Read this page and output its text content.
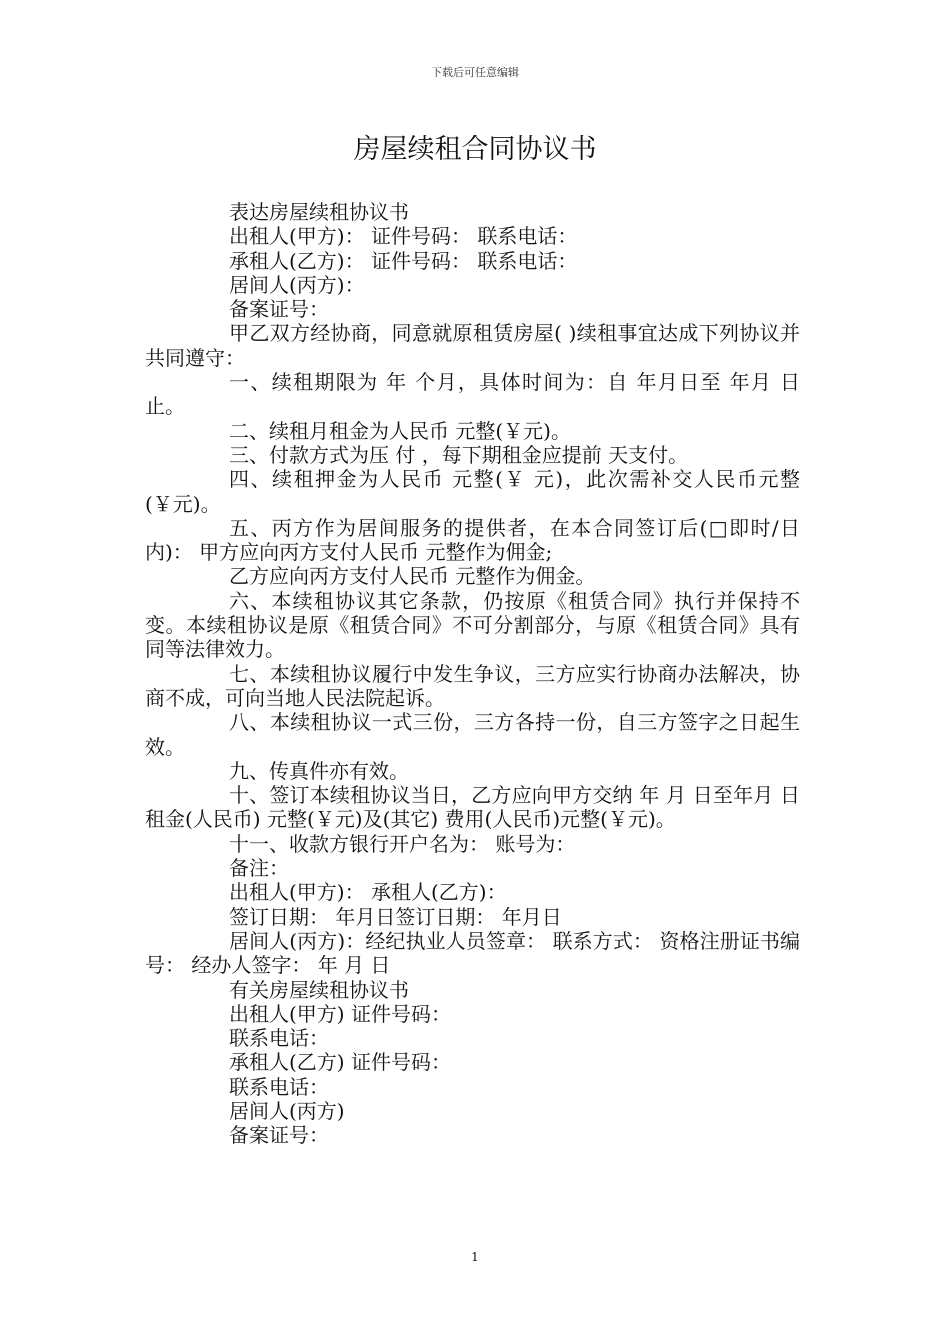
下载后可任意编辑
房屋续租合同协议书

表达房屋续租协议书

出租人(甲方)： 证件号码： 联系电话：

承租人(乙方)： 证件号码： 联系电话：

居间人(丙方)：

备案证号：

甲乙双方经协商，同意就原租赁房屋( )续租事宜达成下列协议并共同遵守：

一、续租期限为 年 个月，具体时间为：自 年月日至 年月 日止。

二、续租月租金为人民币 元整(￥元)。

三、付款方式为压 付 ，每下期租金应提前 天支付。

四、续租押金为人民币 元整(￥ 元)，此次需补交人民币元整(￥元)。

五、丙方作为居间服务的提供者，在本合同签订后(□即时/日内)： 甲方应向丙方支付人民币 元整作为佣金;

乙方应向丙方支付人民币 元整作为佣金。

六、本续租协议其它条款，仍按原《租赁合同》执行并保持不变。本续租协议是原《租赁合同》不可分割部分，与原《租赁合同》具有同等法律效力。

七、本续租协议履行中发生争议，三方应实行协商办法解决，协商不成，可向当地人民法院起诉。

八、本续租协议一式三份，三方各持一份，自三方签字之日起生效。

九、传真件亦有效。

十、签订本续租协议当日，乙方应向甲方交纳 年 月 日至年月 日租金(人民币) 元整(￥元)及(其它) 费用(人民币)元整(￥元)。

十一、收款方银行开户名为： 账号为：

备注：

出租人(甲方)： 承租人(乙方)：

签订日期： 年月日签订日期： 年月日

居间人(丙方)：经纪执业人员签章： 联系方式： 资格注册证书编号： 经办人签字： 年 月 日

有关房屋续租协议书

出租人(甲方) 证件号码：

联系电话：

承租人(乙方) 证件号码：

联系电话：

居间人(丙方)

备案证号：

1
